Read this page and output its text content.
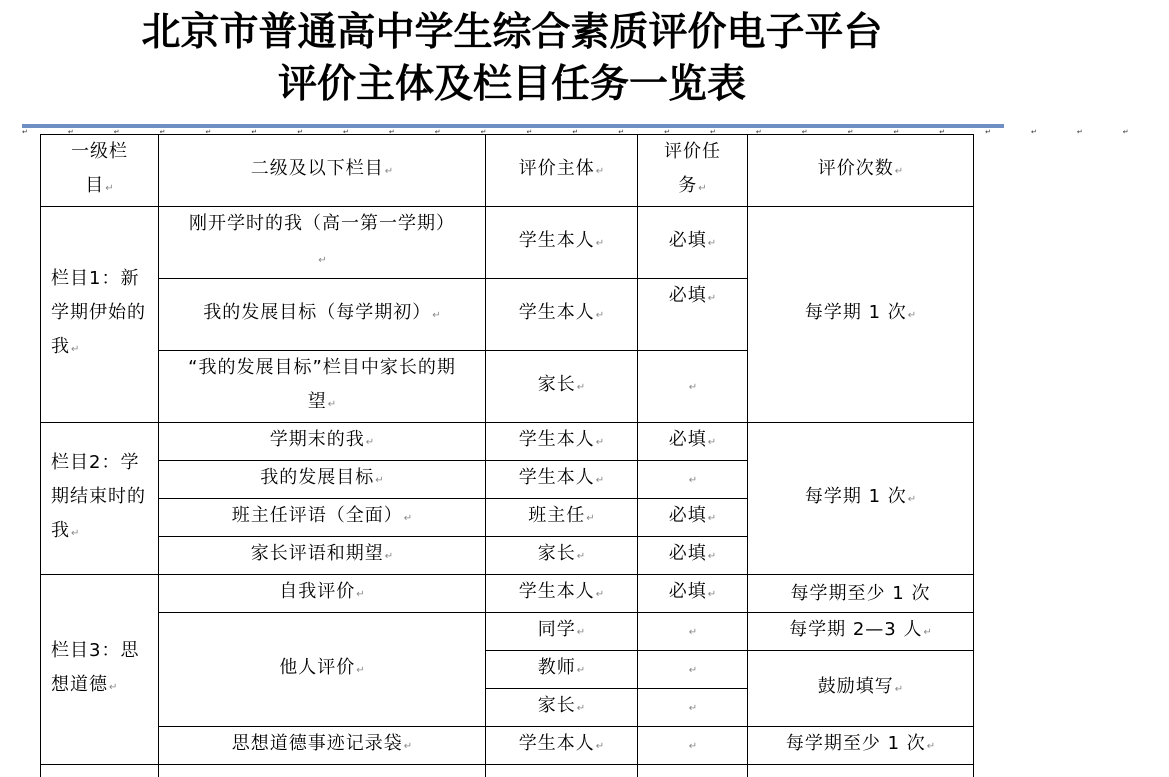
北京市普通高中学生综合素质评价电子平台
评价主体及栏目任务一览表
↵↵↵↵↵↵↵↵↵↵↵↵↵↵↵↵↵↵↵↵↵↵↵↵↵
一级栏目↵	二级及以下栏目↵	评价主体↵	评价任务↵	评价次数↵
栏目1：新学期伊始的我↵	刚开学时的我（高一第一学期）↵	学生本人↵	必填↵	每学期 1 次↵
	我的发展目标（每学期初）↵	学生本人↵	必填↵	
	“我的发展目标”栏目中家长的期望↵	家长↵	↵	
栏目2：学期结束时的我↵	学期末的我↵	学生本人↵	必填↵	每学期 1 次↵
	我的发展目标↵	学生本人↵	↵	
	班主任评语（全面）↵	班主任↵	必填↵	
	家长评语和期望↵	家长↵	必填↵	
栏目3：思想道德↵	自我评价↵	学生本人↵	必填↵	每学期至少 1 次
	他人评价↵	同学↵	↵	每学期 2—3 人↵
		教师↵	↵	鼓励填写↵
		家长↵	↵	
	思想道德事迹记录袋↵	学生本人↵	↵	每学期至少 1 次↵
